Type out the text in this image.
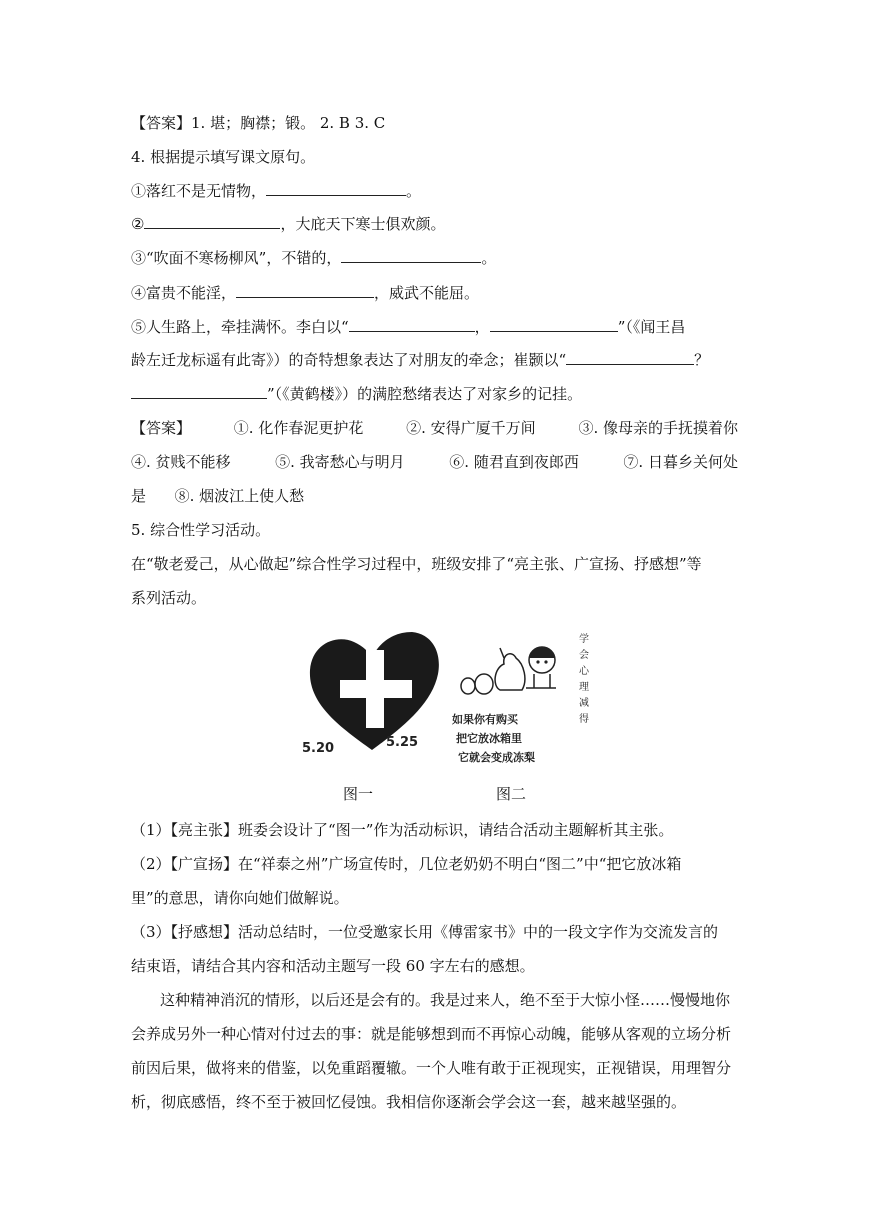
【答案】1. 堪；胸襟；锻。 2. B 3. C
4. 根据提示填写课文原句。
①落红不是无情物，	。
②	，大庇天下寒士俱欢颜。
③“吹面不寒杨柳风”，不错的，	。
④富贵不能淫，	，威武不能屈。
⑤人生路上，牵挂满怀。李白以“	，	”（《闻王昌
龄左迁龙标遥有此寄》）的奇特想象表达了对朋友的牵念；崔颢以“	？
”（《黄鹤楼》）的满腔愁绪表达了对家乡的记挂。
【答案】	①. 化作春泥更护花	②. 安得广厦千万间	③. 像母亲的手抚摸着你
④. 贫贱不能移	⑤. 我寄愁心与明月	⑥. 随君直到夜郎西	⑦. 日暮乡关何处
是      ⑧. 烟波江上使人愁
5. 综合性学习活动。
在“敬老爱己，从心做起”综合性学习过程中，班级安排了“亮主张、广宣扬、抒感想”等
系列活动。
5.20	5.25
学 会 心 理 减 得
如果你有购买 把它放冰箱里 它就会变成冻梨
图一	图二
（1）【亮主张】班委会设计了“图一”作为活动标识，请结合活动主题解析其主张。
（2）【广宣扬】在“祥泰之州”广场宣传时，几位老奶奶不明白“图二”中“把它放冰箱
里”的意思，请你向她们做解说。
（3）【抒感想】活动总结时，一位受邀家长用《傅雷家书》中的一段文字作为交流发言的
结束语，请结合其内容和活动主题写一段 60 字左右的感想。
这种精神消沉的情形，以后还是会有的。我是过来人，绝不至于大惊小怪……慢慢地你
会养成另外一种心情对付过去的事：就是能够想到而不再惊心动魄，能够从客观的立场分析
前因后果，做将来的借鉴，以免重蹈覆辙。一个人唯有敢于正视现实，正视错误，用理智分
析，彻底感悟，终不至于被回忆侵蚀。我相信你逐渐会学会这一套，越来越坚强的。
